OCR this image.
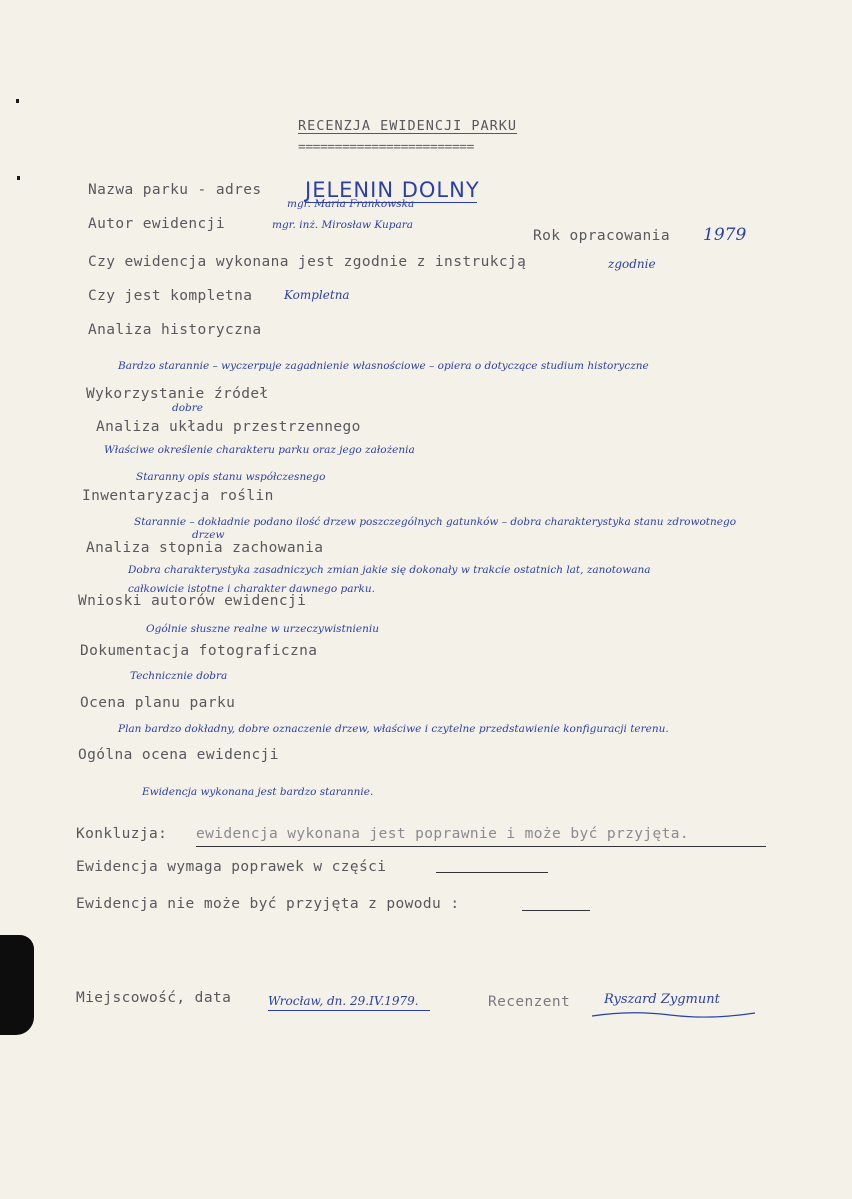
RECENZJA EWIDENCJI PARKU
========================
Nazwa parku - adres JELENIN DOLNY
mgr. Maria Frankowska
Autor ewidencji	mgr. inż. Mirosław Kupara
Rok opracowania 1979
Czy ewidencja wykonana jest zgodnie z instrukcją	zgodnie
Czy jest kompletna	Kompletna
Analiza historyczna
Bardzo starannie – wyczerpuje zagadnienie własnościowe – opiera o dotyczące studium historyczne
Wykorzystanie źródeł
dobre
Analiza układu przestrzennego
Właściwe określenie charakteru parku oraz jego założenia
Staranny opis stanu współczesnego
Inwentaryzacja roślin
Starannie – dokładnie podano ilość drzew poszczególnych gatunków – dobra charakterystyka stanu zdrowotnego
drzew
Analiza stopnia zachowania
Dobra charakterystyka zasadniczych zmian jakie się dokonały w trakcie ostatnich lat, zanotowana
całkowicie istotne i charakter dawnego parku.
Wnioski autorów ewidencji
Ogólnie słuszne realne w urzeczywistnieniu
Dokumentacja fotograficzna
Technicznie dobra
Ocena planu parku
Plan bardzo dokładny, dobre oznaczenie drzew, właściwe i czytelne przedstawienie konfiguracji terenu.
Ogólna ocena ewidencji
Ewidencja wykonana jest bardzo starannie.
Konkluzja: ewidencja wykonana jest poprawnie i może być przyjęta.
Ewidencja wymaga poprawek w części
Ewidencja nie może być przyjęta z powodu :
Miejscowość, data	Wrocław, dn. 29.IV.1979.	Recenzent	Ryszard Zygmunt
